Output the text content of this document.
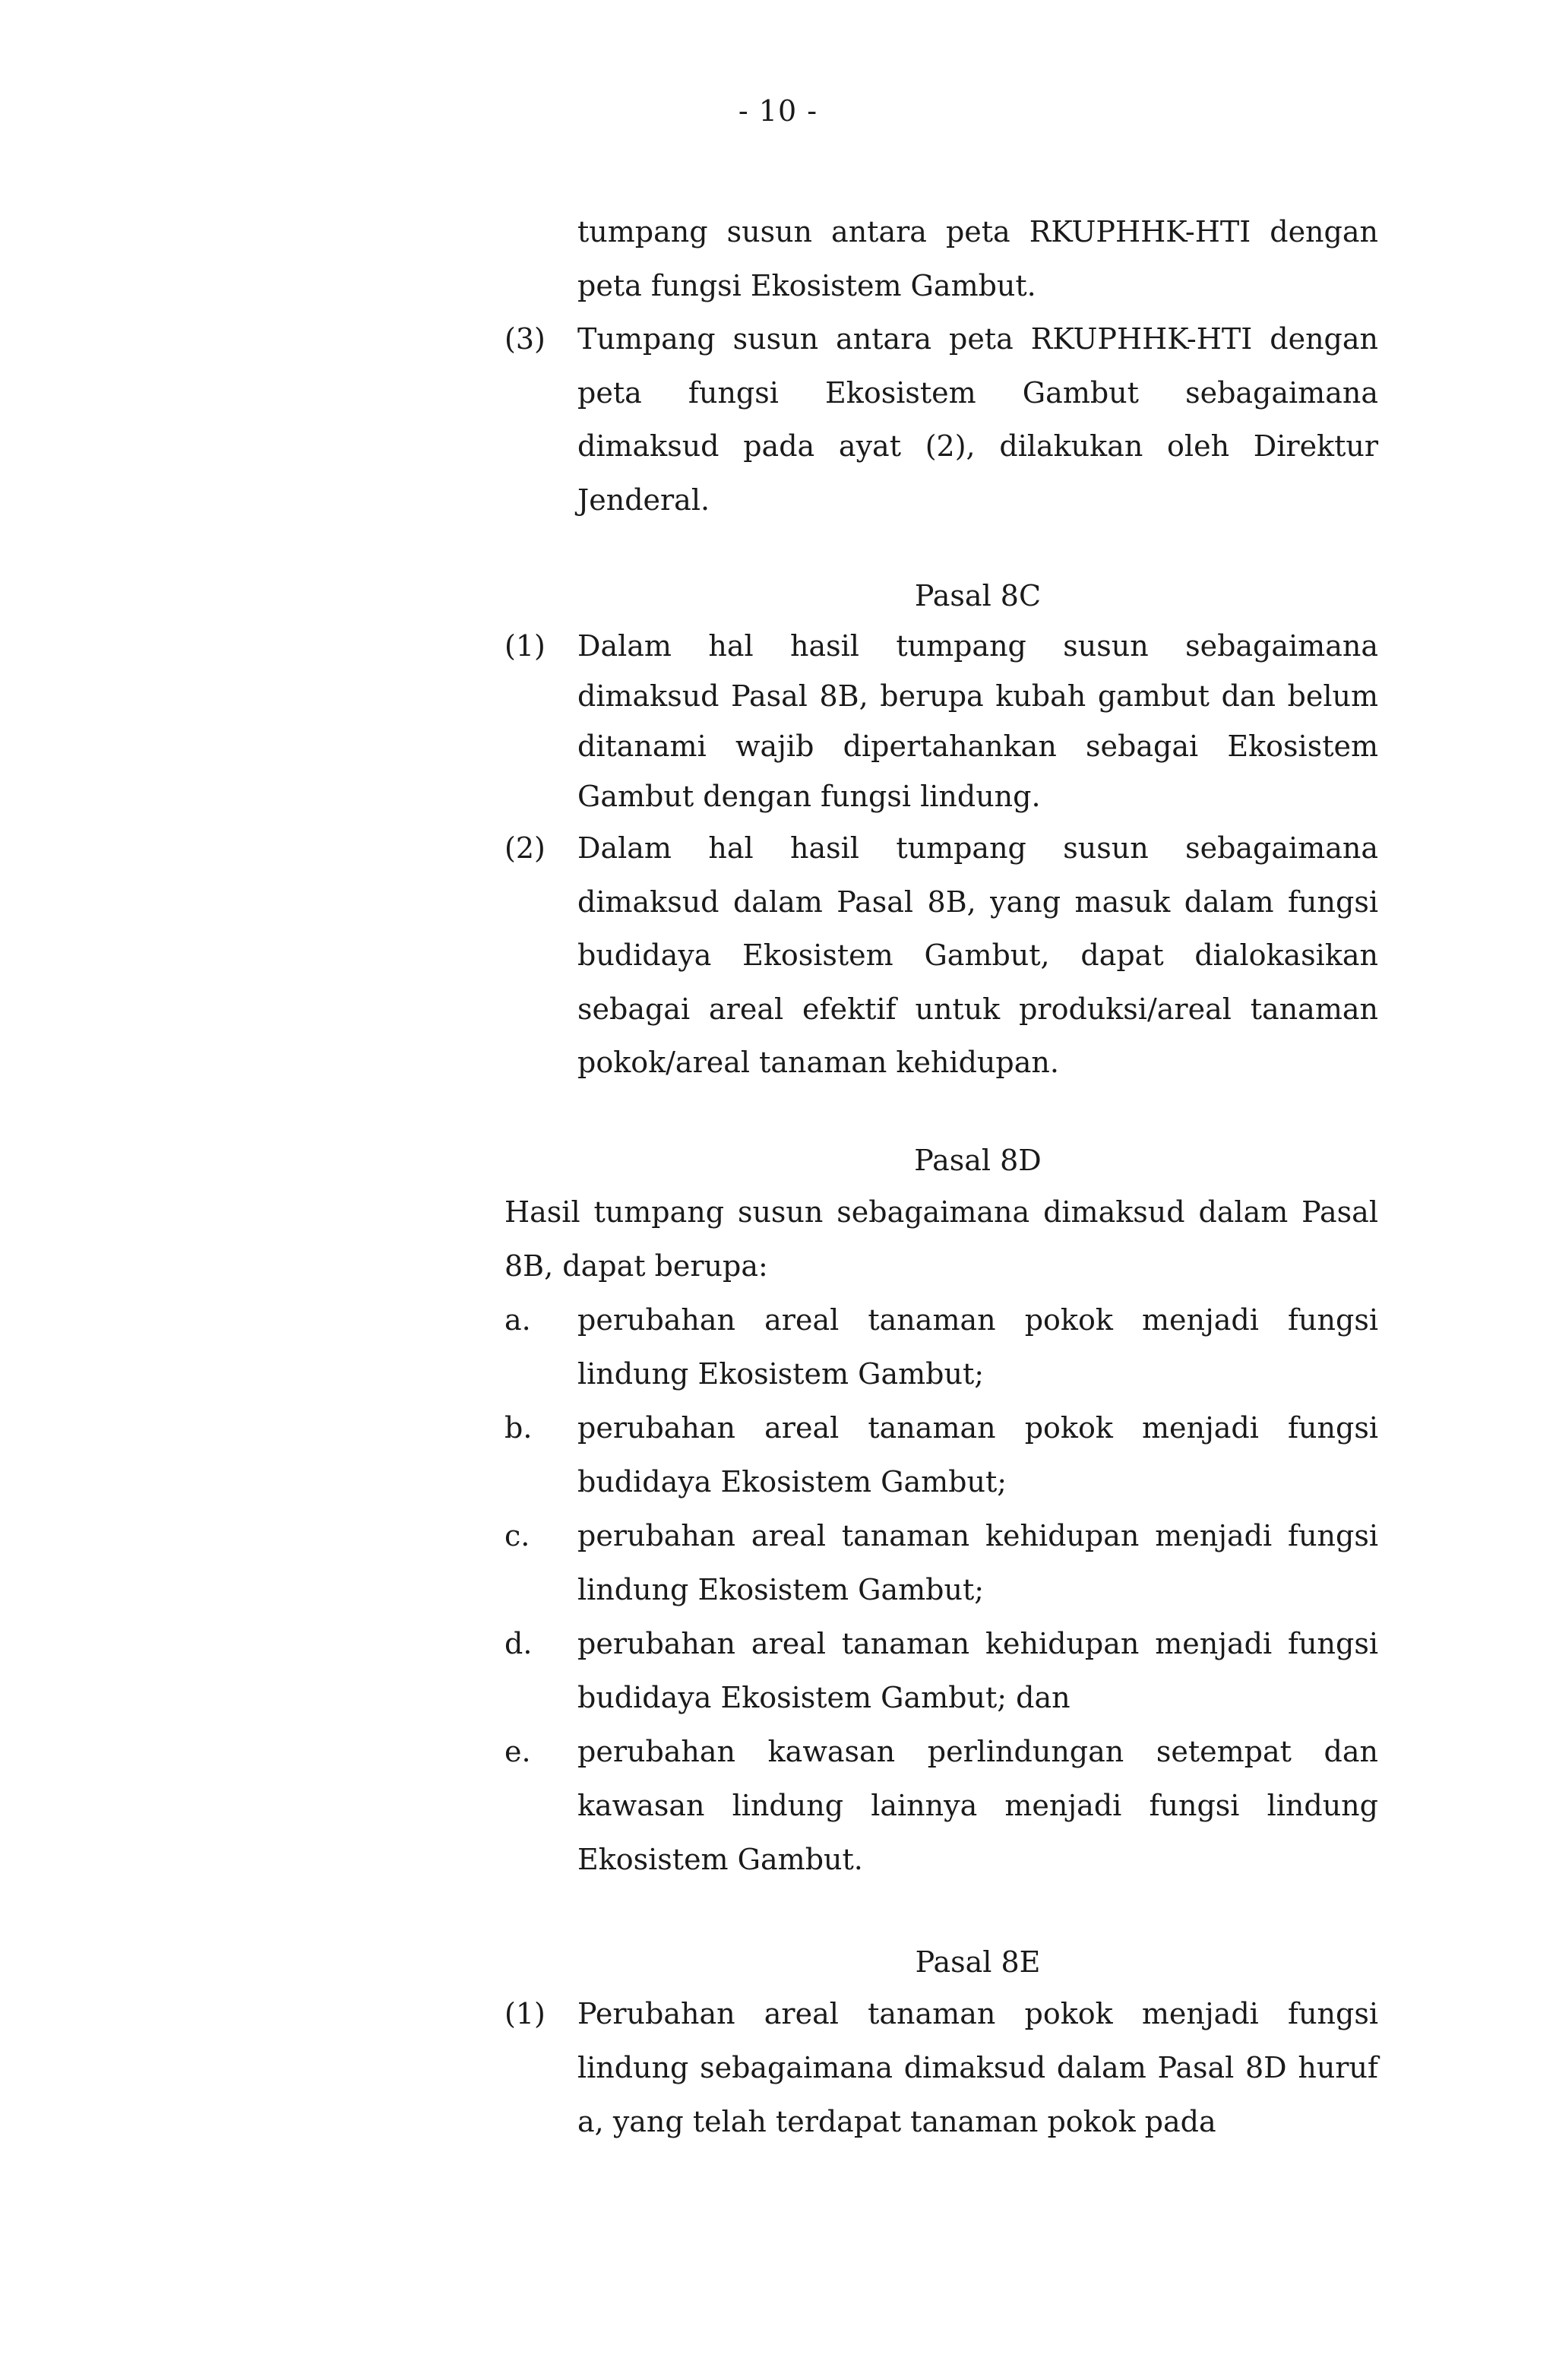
- 10 -
tumpang susun antara peta RKUPHHK-HTI dengan peta fungsi Ekosistem Gambut.
(3)	Tumpang susun antara peta RKUPHHK-HTI dengan peta fungsi Ekosistem Gambut sebagaimana dimaksud pada ayat (2), dilakukan oleh Direktur Jenderal.
Pasal 8C
(1)	Dalam hal hasil tumpang susun sebagaimana dimaksud Pasal 8B, berupa kubah gambut dan belum ditanami wajib dipertahankan sebagai Ekosistem Gambut dengan fungsi lindung.
(2)	Dalam hal hasil tumpang susun sebagaimana dimaksud dalam Pasal 8B, yang masuk dalam fungsi budidaya Ekosistem Gambut, dapat dialokasikan sebagai areal efektif untuk produksi/areal tanaman pokok/areal tanaman kehidupan.
Pasal 8D
Hasil tumpang susun sebagaimana dimaksud dalam Pasal 8B, dapat berupa:
a.	perubahan areal tanaman pokok menjadi fungsi lindung Ekosistem Gambut;
b.	perubahan areal tanaman pokok menjadi fungsi budidaya Ekosistem Gambut;
c.	perubahan areal tanaman kehidupan menjadi fungsi lindung Ekosistem Gambut;
d.	perubahan areal tanaman kehidupan menjadi fungsi budidaya Ekosistem Gambut; dan
e.	perubahan kawasan perlindungan setempat dan kawasan lindung lainnya menjadi fungsi lindung Ekosistem Gambut.
Pasal 8E
(1)	Perubahan areal tanaman pokok menjadi fungsi lindung sebagaimana dimaksud dalam Pasal 8D huruf a, yang telah terdapat tanaman pokok pada
